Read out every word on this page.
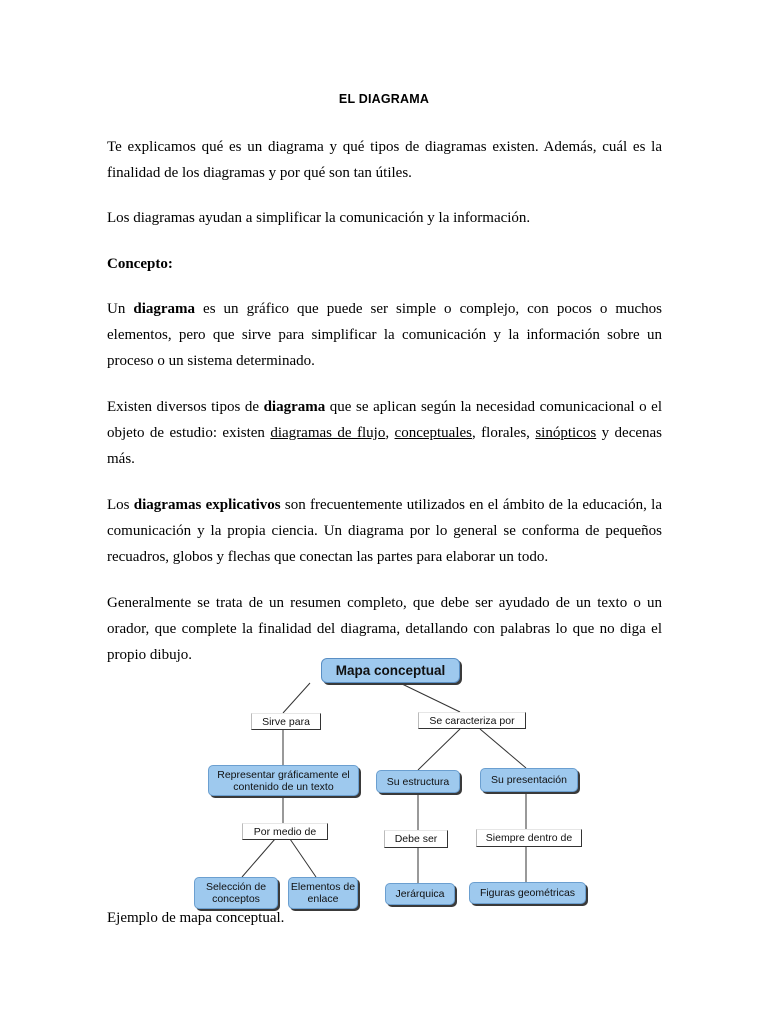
EL DIAGRAMA

Te explicamos qué es un diagrama y qué tipos de diagramas existen. Además, cuál es la finalidad de los diagramas y por qué son tan útiles.

Los diagramas ayudan a simplificar la comunicación y la información.

Concepto:

Un diagrama es un gráfico que puede ser simple o complejo, con pocos o muchos elementos, pero que sirve para simplificar la comunicación y la información sobre un proceso o un sistema determinado.

Existen diversos tipos de diagrama que se aplican según la necesidad comunicacional o el objeto de estudio: existen diagramas de flujo, conceptuales, florales, sinópticos y decenas más.

Los diagramas explicativos son frecuentemente utilizados en el ámbito de la educación, la comunicación y la propia ciencia. Un diagrama por lo general se conforma de pequeños recuadros, globos y flechas que conectan las partes para elaborar un todo.

Generalmente se trata de un resumen completo, que debe ser ayudado de un texto o un orador, que complete la finalidad del diagrama, detallando con palabras lo que no diga el propio dibujo.

Mapa conceptual
Sirve para	Se caracteriza por
Representar gráficamente el contenido de un texto	Su estructura	Su presentación
Por medio de
Debe ser	Siempre dentro de
Selección de conceptos
Elementos de enlace	Jerárquica	Figuras geométricas
Ejemplo de mapa conceptual.
